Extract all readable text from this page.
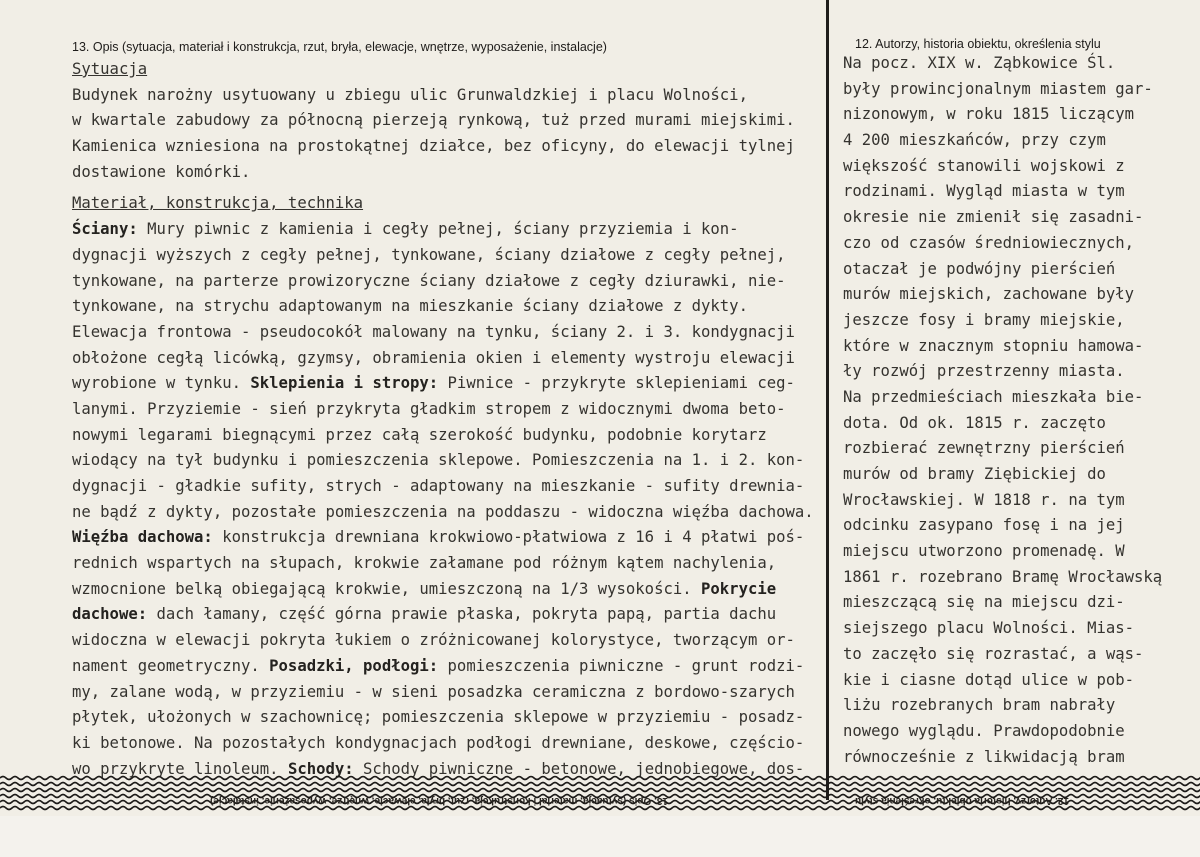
13. Opis (sytuacja, materiał i konstrukcja, rzut, bryła, elewacje, wnętrze, wyposażenie, instalacje)	12. Autorzy, historia obiektu, określenia stylu
Sytuacja
Budynek narożny usytuowany u zbiegu ulic Grunwaldzkiej i placu Wolności,
w kwartale zabudowy za północną pierzeją rynkową, tuż przed murami miejskimi.
Kamienica wzniesiona na prostokątnej działce, bez oficyny, do elewacji tylnej
dostawione komórki.
Materiał, konstrukcja, technika
Ściany: Mury piwnic z kamienia i cegły pełnej, ściany przyziemia i kon-
dygnacji wyższych z cegły pełnej, tynkowane, ściany działowe z cegły pełnej,
tynkowane, na parterze prowizoryczne ściany działowe z cegły dziurawki, nie-
tynkowane, na strychu adaptowanym na mieszkanie ściany działowe z dykty.
Elewacja frontowa - pseudocokół malowany na tynku, ściany 2. i 3. kondygnacji
obłożone cegłą licówką, gzymsy, obramienia okien i elementy wystroju elewacji
wyrobione w tynku. Sklepienia i stropy: Piwnice - przykryte sklepieniami ceg-
lanymi. Przyziemie - sień przykryta gładkim stropem z widocznymi dwoma beto-
nowymi legarami biegnącymi przez całą szerokość budynku, podobnie korytarz
wiodący na tył budynku i pomieszczenia sklepowe. Pomieszczenia na 1. i 2. kon-
dygnacji - gładkie sufity, strych - adaptowany na mieszkanie - sufity drewnia-
ne bądź z dykty, pozostałe pomieszczenia na poddaszu - widoczna więźba dachowa.
Więźba dachowa: konstrukcja drewniana krokwiowo-płatwiowa z 16 i 4 płatwi poś-
rednich wspartych na słupach, krokwie załamane pod różnym kątem nachylenia,
wzmocnione belką obiegającą krokwie, umieszczoną na 1/3 wysokości. Pokrycie
dachowe: dach łamany, część górna prawie płaska, pokryta papą, partia dachu
widoczna w elewacji pokryta łukiem o zróżnicowanej kolorystyce, tworzącym or-
nament geometryczny. Posadzki, podłogi: pomieszczenia piwniczne - grunt rodzi-
my, zalane wodą, w przyziemiu - w sieni posadzka ceramiczna z bordowo-szarych
płytek, ułożonych w szachownicę; pomieszczenia sklepowe w przyziemiu - posadz-
ki betonowe. Na pozostałych kondygnacjach podłogi drewniane, deskowe, częścio-
wo przykryte linoleum. Schody: Schody piwniczne - betonowe, jednobiegowe, dos-
Na pocz. XIX w. Ząbkowice Śl.
były prowincjonalnym miastem gar-
nizonowym, w roku 1815 liczącym
4 200 mieszkańców, przy czym
większość stanowili wojskowi z
rodzinami. Wygląd miasta w tym
okresie nie zmienił się zasadni-
czo od czasów średniowiecznych,
otaczał je podwójny pierścień
murów miejskich, zachowane były
jeszcze fosy i bramy miejskie,
które w znacznym stopniu hamowa-
ły rozwój przestrzenny miasta.
Na przedmieściach mieszkała bie-
dota. Od ok. 1815 r. zaczęto
rozbierać zewnętrzny pierścień
murów od bramy Ziębickiej do
Wrocławskiej. W 1818 r. na tym
odcinku zasypano fosę i na jej
miejscu utworzono promenadę. W
1861 r. rozebrano Bramę Wrocławską
mieszczącą się na miejscu dzi-
siejszego placu Wolności. Mias-
to zaczęło się rozrastać, a wąs-
kie i ciasne dotąd ulice w pob-
liżu rozebranych bram nabrały
nowego wyglądu. Prawdopodobnie
równocześnie z likwidacją bram
13. Opis (sytuacja, materiał i konstrukcja, rzut, bryła, elewacje, wnętrze, wyposażenie, instalacje)	12. Autorzy, historia obiektu, określenia stylu
